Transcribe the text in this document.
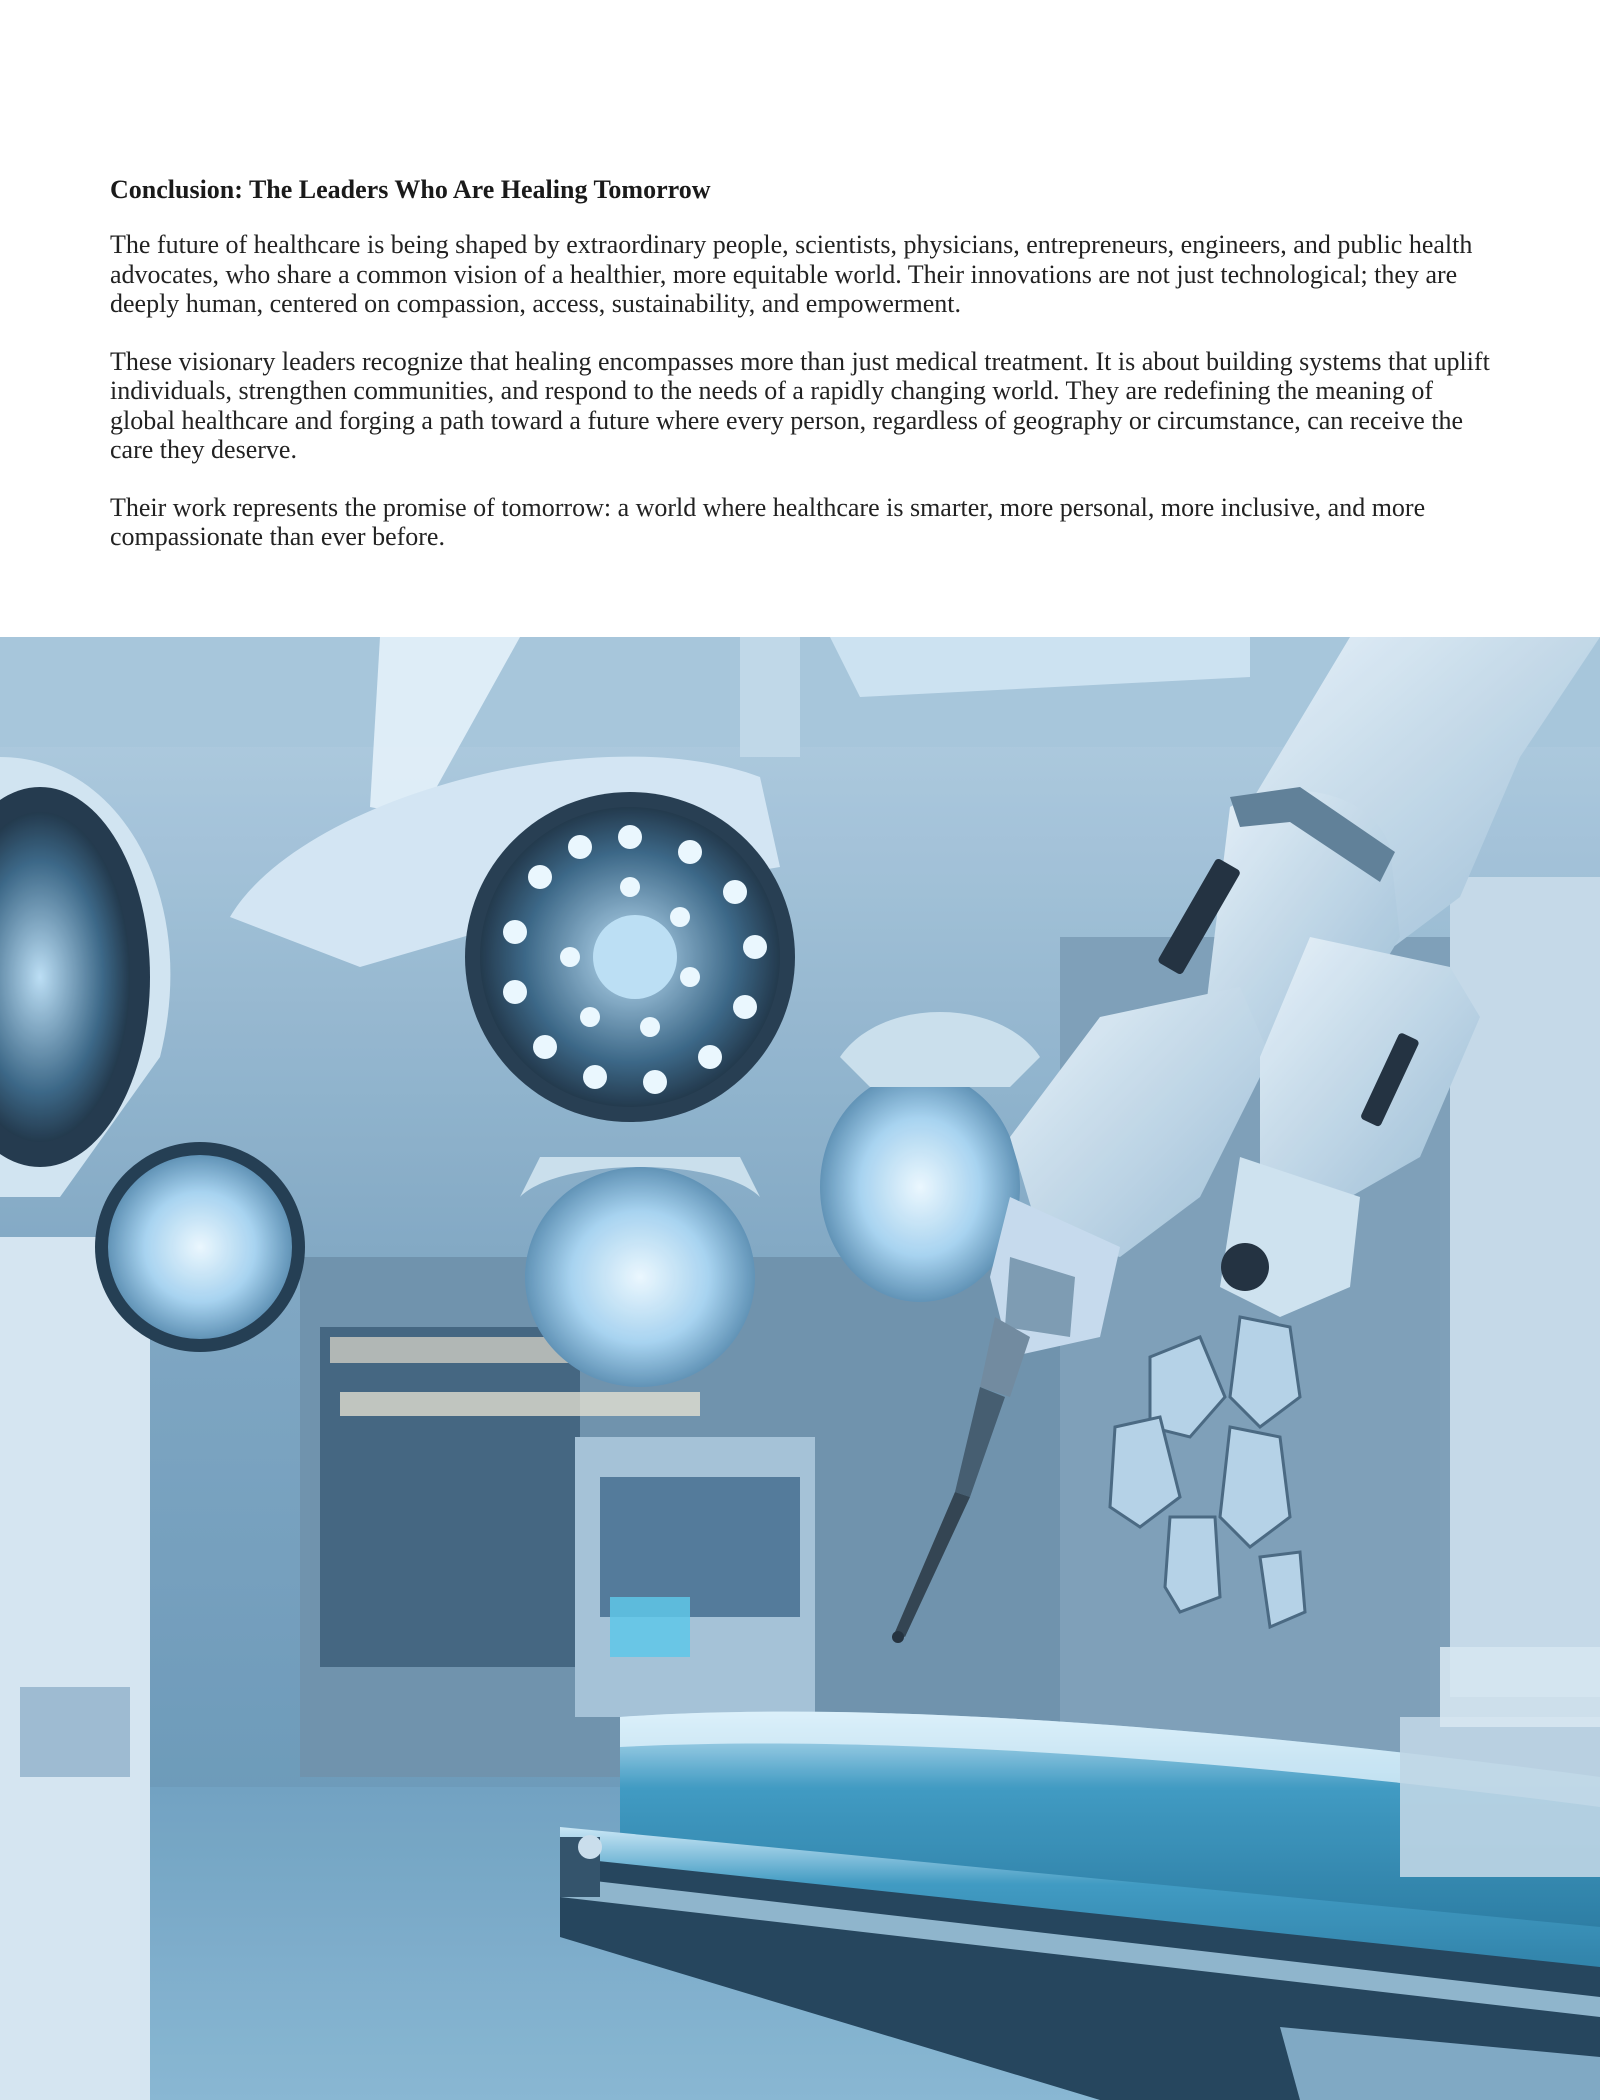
Conclusion: The Leaders Who Are Healing Tomorrow

The future of healthcare is being shaped by extraordinary people, scientists, physicians, entrepreneurs, engineers, and public health advocates, who share a common vision of a healthier, more equitable world. Their innovations are not just technological; they are deeply human, centered on compassion, access, sustainability, and empowerment.

These visionary leaders recognize that healing encompasses more than just medical treatment. It is about building systems that uplift individuals, strengthen communities, and respond to the needs of a rapidly changing world. They are redefining the meaning of global healthcare and forging a path toward a future where every person, regardless of geography or circumstance, can receive the care they deserve.

Their work represents the promise of tomorrow: a world where healthcare is smarter, more personal, more inclusive, and more compassionate than ever before.
